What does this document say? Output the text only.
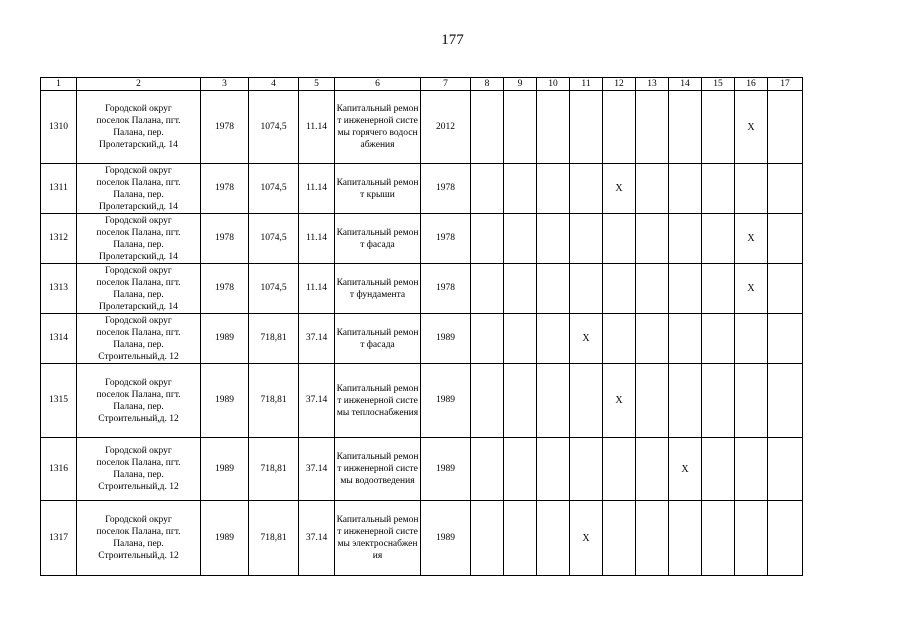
177
1	2	3	4	5	6	7	8	9	10	11	12	13	14	15	16	17
1310	Городской округ
поселок Палана, пгт.
Палана, пер.
Пролетарский,д. 14	1978	1074,5	11.14	Капитальный ремонт инженерной системы горячего водоснабжения	2012									X	
1311	Городской округ
поселок Палана, пгт.
Палана, пер.
Пролетарский,д. 14	1978	1074,5	11.14	Капитальный ремонт крыши	1978					X					
1312	Городской округ
поселок Палана, пгт.
Палана, пер.
Пролетарский,д. 14	1978	1074,5	11.14	Капитальный ремонт фасада	1978									X	
1313	Городской округ
поселок Палана, пгт.
Палана, пер.
Пролетарский,д. 14	1978	1074,5	11.14	Капитальный ремонт фундамента	1978									X	
1314	Городской округ
поселок Палана, пгт.
Палана, пер.
Строительный,д. 12	1989	718,81	37.14	Капитальный ремонт фасада	1989				X						
1315	Городской округ
поселок Палана, пгт.
Палана, пер.
Строительный,д. 12	1989	718,81	37.14	Капитальный ремонт инженерной системы теплоснабжения	1989					X					
1316	Городской округ
поселок Палана, пгт.
Палана, пер.
Строительный,д. 12	1989	718,81	37.14	Капитальный ремонт инженерной системы водоотведения	1989							X			
1317	Городской округ
поселок Палана, пгт.
Палана, пер.
Строительный,д. 12	1989	718,81	37.14	Капитальный ремонт инженерной системы электроснабжения	1989				X						
